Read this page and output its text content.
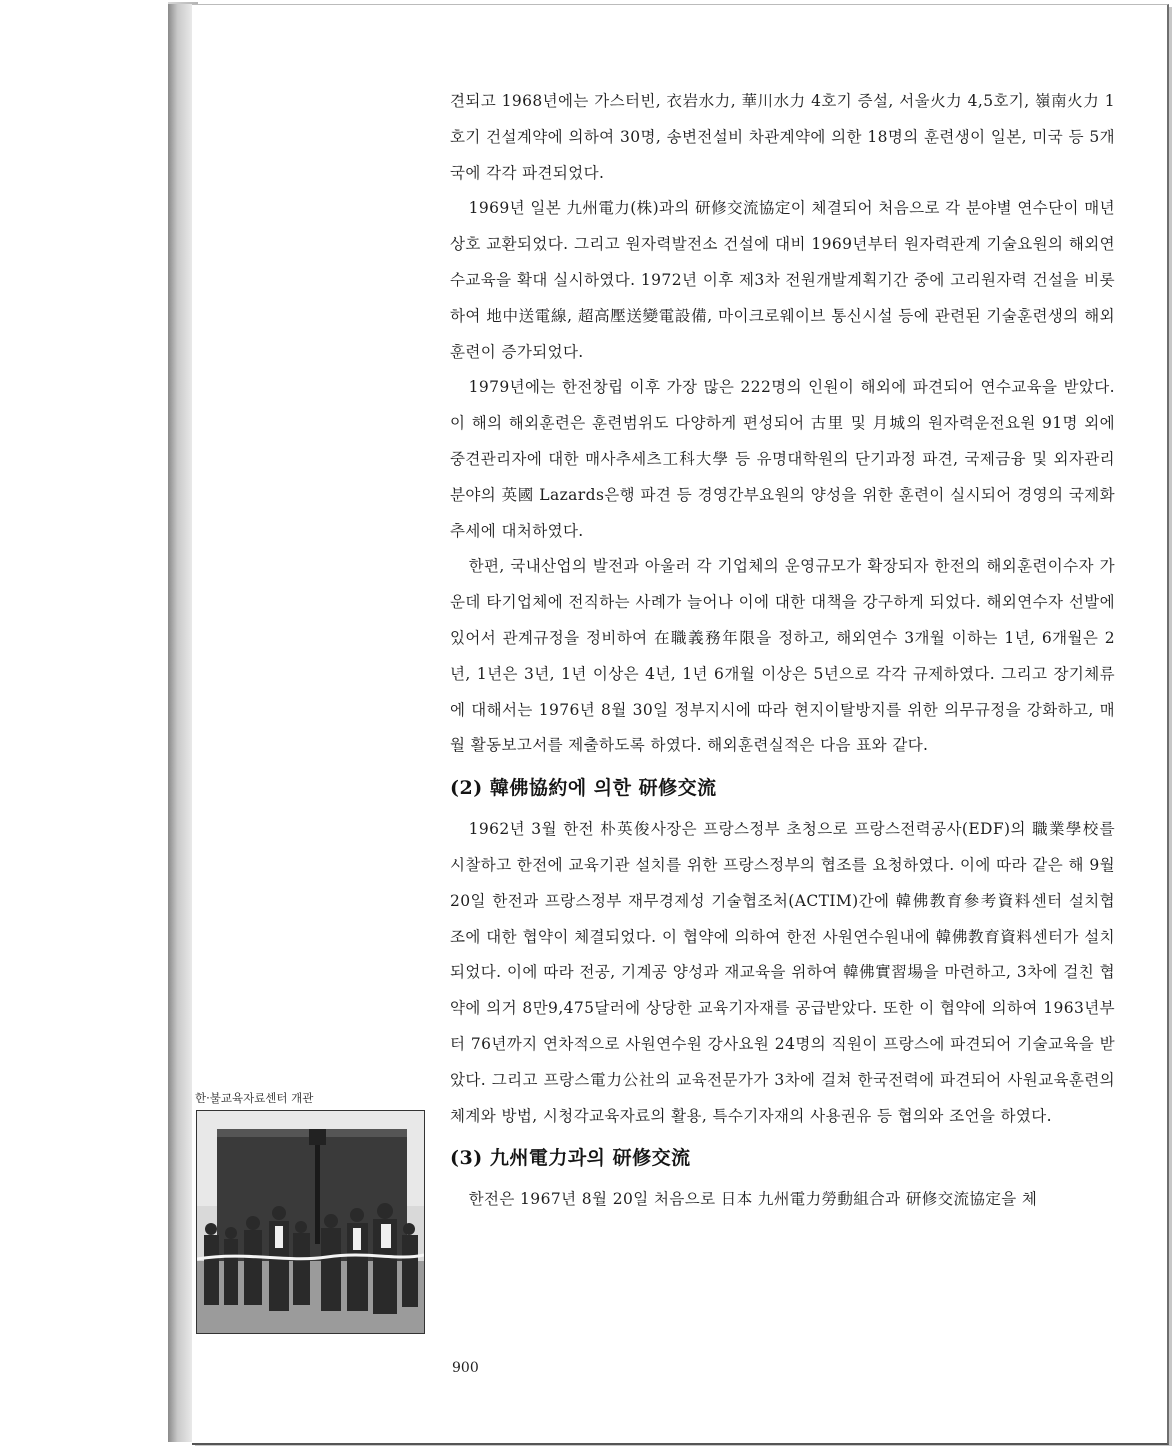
견되고 1968년에는 가스터빈, 衣岩水力, 華川水力 4호기 증설, 서울火力 4,5호기, 嶺南火力 1호기 건설계약에 의하여 30명, 송변전설비 차관계약에 의한 18명의 훈련생이 일본, 미국 등 5개국에 각각 파견되었다.

1969년 일본 九州電力(株)과의 研修交流協定이 체결되어 처음으로 각 분야별 연수단이 매년 상호 교환되었다. 그리고 원자력발전소 건설에 대비 1969년부터 원자력관계 기술요원의 해외연수교육을 확대 실시하였다. 1972년 이후 제3차 전원개발계획기간 중에 고리원자력 건설을 비롯하여 地中送電線, 超高壓送變電設備, 마이크로웨이브 통신시설 등에 관련된 기술훈련생의 해외훈련이 증가되었다.

1979년에는 한전창립 이후 가장 많은 222명의 인원이 해외에 파견되어 연수교육을 받았다. 이 해의 해외훈련은 훈련범위도 다양하게 편성되어 古里 및 月城의 원자력운전요원 91명 외에 중견관리자에 대한 매사추세츠工科大學 등 유명대학원의 단기과정 파견, 국제금융 및 외자관리분야의 英國 Lazards은행 파견 등 경영간부요원의 양성을 위한 훈련이 실시되어 경영의 국제화 추세에 대처하였다.

한편, 국내산업의 발전과 아울러 각 기업체의 운영규모가 확장되자 한전의 해외훈련이수자 가운데 타기업체에 전직하는 사례가 늘어나 이에 대한 대책을 강구하게 되었다. 해외연수자 선발에 있어서 관계규정을 정비하여 在職義務年限을 정하고, 해외연수 3개월 이하는 1년, 6개월은 2년, 1년은 3년, 1년 이상은 4년, 1년 6개월 이상은 5년으로 각각 규제하였다. 그리고 장기체류에 대해서는 1976년 8월 30일 정부지시에 따라 현지이탈방지를 위한 의무규정을 강화하고, 매월 활동보고서를 제출하도록 하였다. 해외훈련실적은 다음 표와 같다.

(2) 韓佛協約에 의한 研修交流

1962년 3월 한전 朴英俊사장은 프랑스정부 초청으로 프랑스전력공사(EDF)의 職業學校를 시찰하고 한전에 교육기관 설치를 위한 프랑스정부의 협조를 요청하였다. 이에 따라 같은 해 9월 20일 한전과 프랑스정부 재무경제성 기술협조처(ACTIM)간에 韓佛教育參考資料센터 설치협조에 대한 협약이 체결되었다. 이 협약에 의하여 한전 사원연수원내에 韓佛教育資料센터가 설치되었다. 이에 따라 전공, 기계공 양성과 재교육을 위하여 韓佛實習場을 마련하고, 3차에 걸친 협약에 의거 8만9,475달러에 상당한 교육기자재를 공급받았다. 또한 이 협약에 의하여 1963년부터 76년까지 연차적으로 사원연수원 강사요원 24명의 직원이 프랑스에 파견되어 기술교육을 받았다. 그리고 프랑스電力公社의 교육전문가가 3차에 걸쳐 한국전력에 파견되어 사원교육훈련의 체계와 방법, 시청각교육자료의 활용, 특수기자재의 사용권유 등 협의와 조언을 하였다.

(3) 九州電力과의 研修交流

한전은 1967년 8월 20일 처음으로 日本 九州電力勞動組合과 研修交流協定을 체

한·불교육자료센터 개관
900
